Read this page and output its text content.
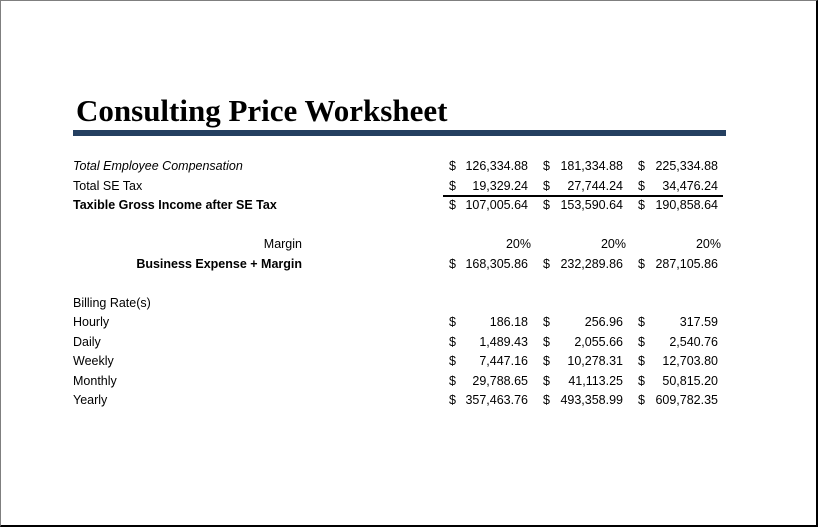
Consulting Price Worksheet
Total Employee Compensation	$ 126,334.88 $ 181,334.88 $ 225,334.88
Total SE Tax	$ 19,329.24 $ 27,744.24 $ 34,476.24
Taxible Gross Income after SE Tax	$ 107,005.64 $ 153,590.64 $ 190,858.64
Margin	20%	20%	20%
Business Expense + Margin	$ 168,305.86 $ 232,289.86 $ 287,105.86
Billing Rate(s)
Hourly	$	186.18 $	256.96 $	317.59
Daily	$ 1,489.43 $ 2,055.66 $ 2,540.76
Weekly	$ 7,447.16 $ 10,278.31 $ 12,703.80
Monthly	$ 29,788.65 $ 41,113.25 $ 50,815.20
Yearly	$ 357,463.76 $ 493,358.99 $ 609,782.35
